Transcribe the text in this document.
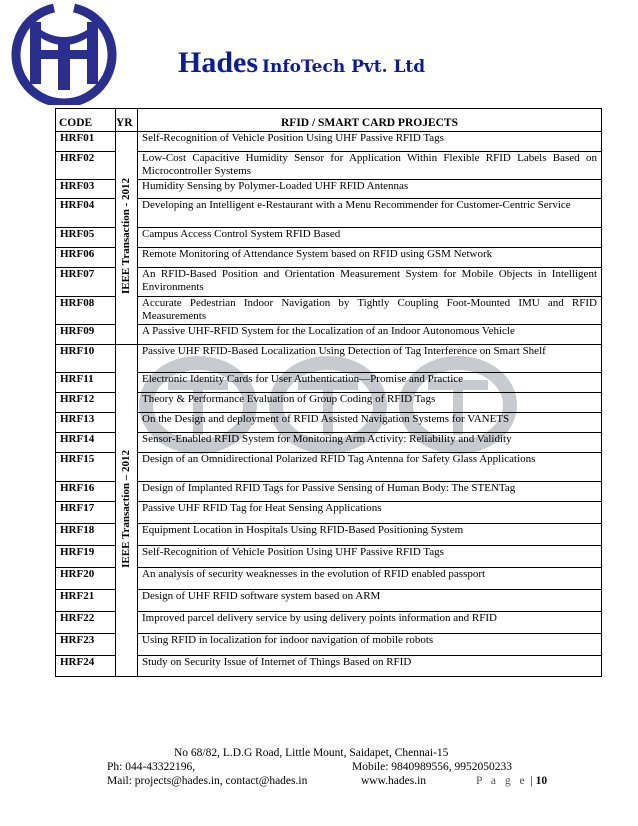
Hades InfoTech Pvt. Ltd
CODE	YR	RFID / SMART CARD PROJECTS
HRF01	IEEE Transaction - 2012	Self-Recognition of Vehicle Position Using UHF Passive RFID Tags
HRF02		Low-Cost Capacitive Humidity Sensor for Application Within Flexible RFID Labels Based on Microcontroller Systems
HRF03		Humidity Sensing by Polymer-Loaded UHF RFID Antennas
HRF04		Developing an Intelligent e-Restaurant with a Menu Recommender for Customer-Centric Service
HRF05		Campus Access Control System RFID Based
HRF06		Remote Monitoring of Attendance System based on RFID using GSM Network
HRF07		An RFID-Based Position and Orientation Measurement System for Mobile Objects in Intelligent Environments
HRF08		Accurate Pedestrian Indoor Navigation by Tightly Coupling Foot-Mounted IMU and RFID Measurements
HRF09		A Passive UHF-RFID System for the Localization of an Indoor Autonomous Vehicle
HRF10	IEEE Transaction – 2012	Passive UHF RFID-Based Localization Using Detection of Tag Interference on Smart Shelf
HRF11		Electronic Identity Cards for User Authentication—Promise and Practice
HRF12		Theory & Performance Evaluation of Group Coding of RFID Tags
HRF13		On the Design and deployment of RFID Assisted Navigation Systems for VANETS
HRF14		Sensor-Enabled RFID System for Monitoring Arm Activity: Reliability and Validity
HRF15		Design of an Omnidirectional Polarized RFID Tag Antenna for Safety Glass Applications
HRF16		Design of Implanted RFID Tags for Passive Sensing of Human Body: The STENTag
HRF17		Passive UHF RFID Tag for Heat Sensing Applications
HRF18		Equipment Location in Hospitals Using RFID-Based Positioning System
HRF19		Self-Recognition of Vehicle Position Using UHF Passive RFID Tags
HRF20		An analysis of security weaknesses in the evolution of RFID enabled passport
HRF21		Design of UHF RFID software system based on ARM
HRF22		Improved parcel delivery service by using delivery points information and RFID
HRF23		Using RFID in localization for indoor navigation of mobile robots
HRF24		Study on Security Issue of Internet of Things Based on RFID
No 68/82, L.D.G Road, Little Mount, Saidapet, Chennai-15
Ph: 044-43322196,	Mobile: 9840989556, 9952050233
Mail: projects@hades.in, contact@hades.in	www.hades.in	P a g e | 10
